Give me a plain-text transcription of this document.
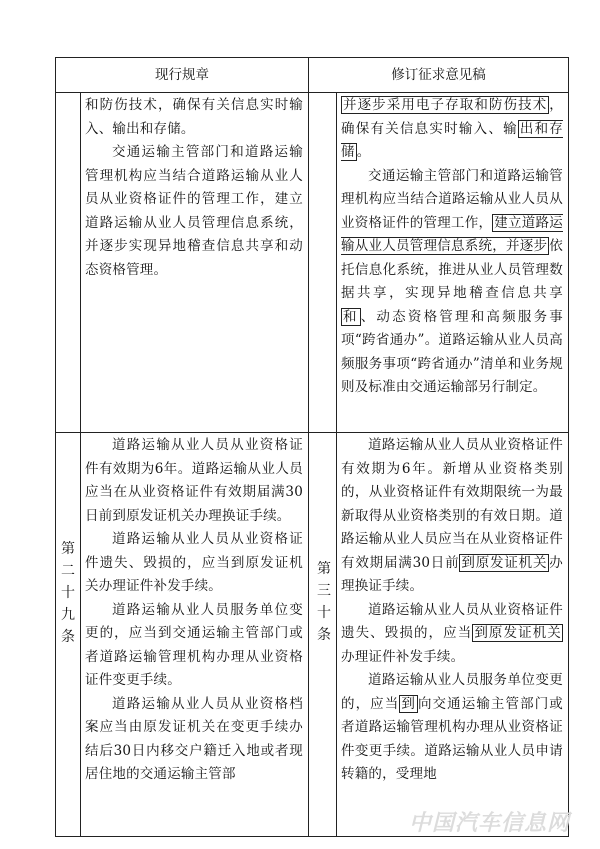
现行规章	修订征求意见稿

和防伤技术，确保有关信息实时输入、输出和存储。

交通运输主管部门和道路运输管理机构应当结合道路运输从业人员从业资格证件的管理工作，建立道路运输从业人员管理信息系统，并逐步实现异地稽查信息共享和动态资格管理。

并逐步采用电子存取和防伤技术 ，确保有关信息实时输入、输 出和存储 。

交通运输主管部门和道路运输管理机构应当结合道路运输从业人员从业资格证件的管理工作， 建立道路运输从业人员管理信息系统，并逐步 依托信息化系统，推进从业人员管理数据共享，实现异地稽查信息共享和 、动态资格管理和高频服务事项“跨省通办”。道路运输从业人员高频服务事项“跨省通办”清单和业务规则及标准由交通运输部另行制定。

第
二
十
九
条
第
三
十
条

道路运输从业人员从业资格证件有效期为6年。道路运输从业人员应当在从业资格证件有效期届满30日前到原发证机关办理换证手续。

道路运输从业人员从业资格证件遗失、毁损的，应当到原发证机关办理证件补发手续。

道路运输从业人员服务单位变更的，应当到交通运输主管部门或者道路运输管理机构办理从业资格证件变更手续。

道路运输从业人员从业资格档案应当由原发证机关在变更手续办结后30日内移交户籍迁入地或者现居住地的交通运输主管部

道路运输从业人员从业资格证件有效期为6年。新增从业资格类别的，从业资格证件有效期限统一为最新取得从业资格类别的有效日期。道路运输从业人员应当在从业资格证件有效期届满30日前 到原发证机关 办理换证手续。

道路运输从业人员从业资格证件遗失、毁损的，应当 到原发证机关办理证件补发手续。

道路运输从业人员服务单位变更的，应当 到 向交通运输主管部门或者道路运输管理机构办理从业资格证件变更手续。道路运输从业人员申请转籍的，受理地

中国汽车信息网
